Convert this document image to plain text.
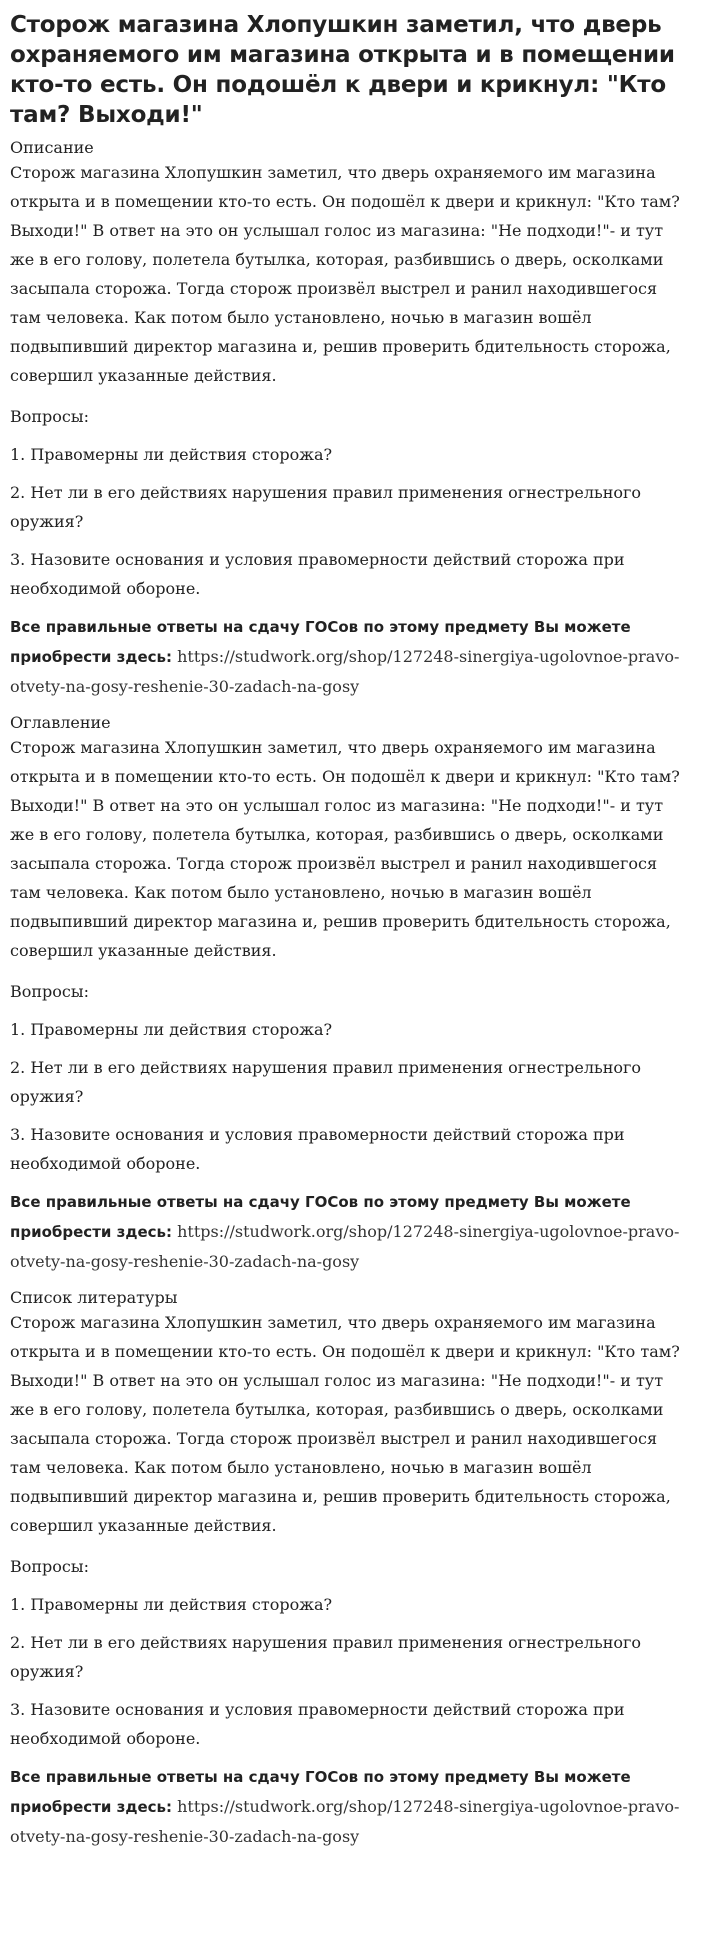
Сторож магазина Хлопушкин заметил, что дверь охраняемого им магазина открыта и в помещении кто-то есть. Он подошёл к двери и крикнул: "Кто там? Выходи!"
Описание

Сторож магазина Хлопушкин заметил, что дверь охраняемого им магазина открыта и в помещении кто-то есть. Он подошёл к двери и крикнул: "Кто там? Выходи!" В ответ на это он услышал голос из магазина: "Не подходи!"- и тут же в его голову, полетела бутылка, которая, разбившись о дверь, осколками засыпала сторожа. Тогда сторож произвёл выстрел и ранил находившегося там человека. Как потом было установлено, ночью в магазин вошёл подвыпивший директор магазина и, решив проверить бдительность сторожа, совершил указанные действия.

Вопросы:

1. Правомерны ли действия сторожа?

2. Нет ли в его действиях нарушения правил применения огнестрельного оружия?

3. Назовите основания и условия правомерности действий сторожа при необходимой обороне.

Все правильные ответы на сдачу ГОСов по этому предмету Вы можете приобрести здесь: https://studwork.org/shop/127248-sinergiya-ugolovnoe-pravo-otvety-na-gosy-reshenie-30-zadach-na-gosy

Оглавление

Сторож магазина Хлопушкин заметил, что дверь охраняемого им магазина открыта и в помещении кто-то есть. Он подошёл к двери и крикнул: "Кто там? Выходи!" В ответ на это он услышал голос из магазина: "Не подходи!"- и тут же в его голову, полетела бутылка, которая, разбившись о дверь, осколками засыпала сторожа. Тогда сторож произвёл выстрел и ранил находившегося там человека. Как потом было установлено, ночью в магазин вошёл подвыпивший директор магазина и, решив проверить бдительность сторожа, совершил указанные действия.

Вопросы:

1. Правомерны ли действия сторожа?

2. Нет ли в его действиях нарушения правил применения огнестрельного оружия?

3. Назовите основания и условия правомерности действий сторожа при необходимой обороне.

Все правильные ответы на сдачу ГОСов по этому предмету Вы можете приобрести здесь: https://studwork.org/shop/127248-sinergiya-ugolovnoe-pravo-otvety-na-gosy-reshenie-30-zadach-na-gosy

Список литературы

Сторож магазина Хлопушкин заметил, что дверь охраняемого им магазина открыта и в помещении кто-то есть. Он подошёл к двери и крикнул: "Кто там? Выходи!" В ответ на это он услышал голос из магазина: "Не подходи!"- и тут же в его голову, полетела бутылка, которая, разбившись о дверь, осколками засыпала сторожа. Тогда сторож произвёл выстрел и ранил находившегося там человека. Как потом было установлено, ночью в магазин вошёл подвыпивший директор магазина и, решив проверить бдительность сторожа, совершил указанные действия.

Вопросы:

1. Правомерны ли действия сторожа?

2. Нет ли в его действиях нарушения правил применения огнестрельного оружия?

3. Назовите основания и условия правомерности действий сторожа при необходимой обороне.

Все правильные ответы на сдачу ГОСов по этому предмету Вы можете приобрести здесь: https://studwork.org/shop/127248-sinergiya-ugolovnoe-pravo-otvety-na-gosy-reshenie-30-zadach-na-gosy
